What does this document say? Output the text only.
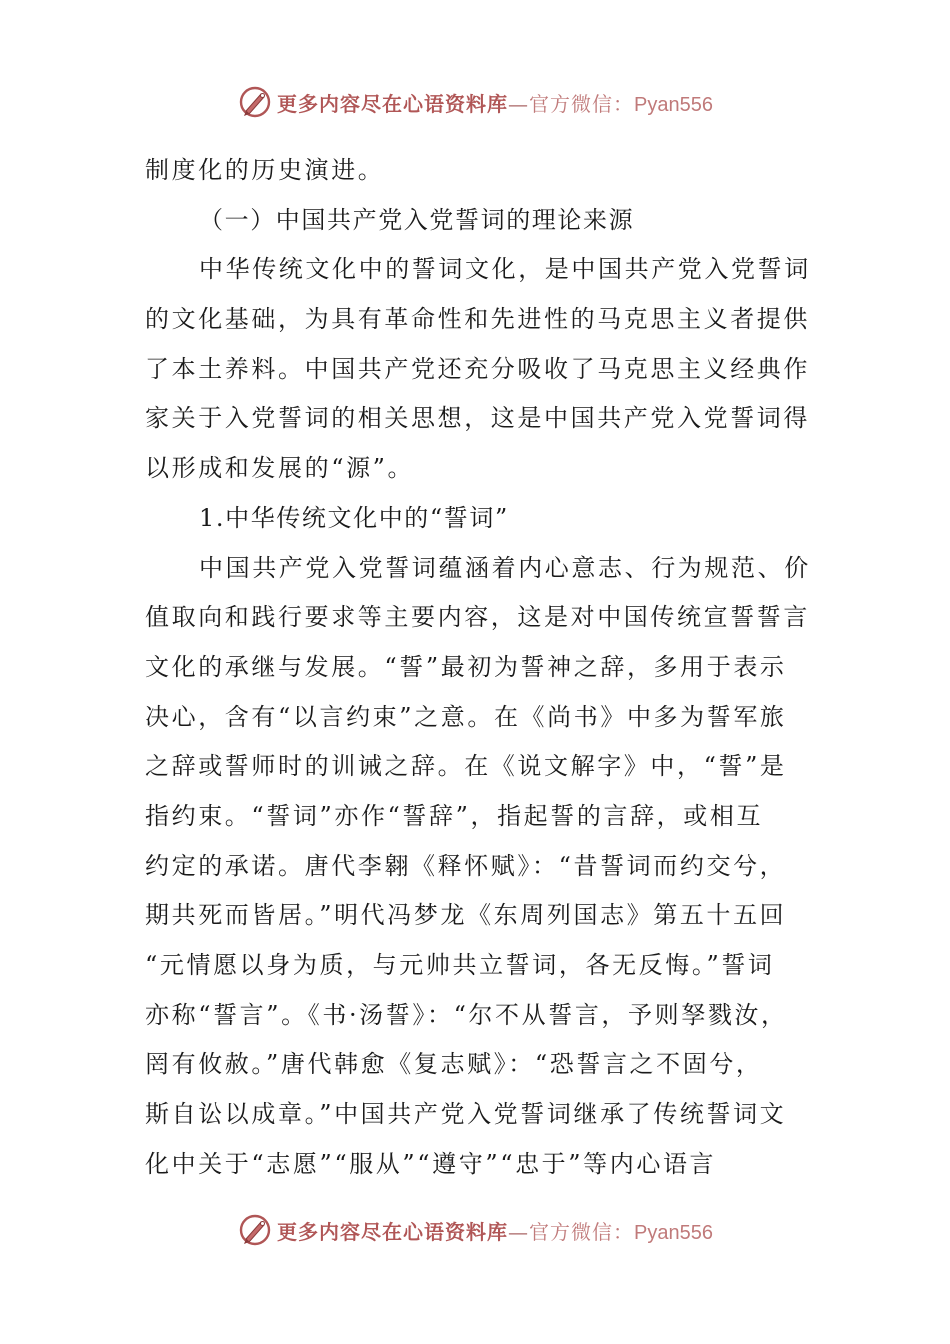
更多内容尽在心语资料库—官方微信：Pyan556
制度化的历史演进。
（一）中国共产党入党誓词的理论来源
中华传统文化中的誓词文化，是中国共产党入党誓词
的文化基础，为具有革命性和先进性的马克思主义者提供
了本土养料。中国共产党还充分吸收了马克思主义经典作
家关于入党誓词的相关思想，这是中国共产党入党誓词得
以形成和发展的“源”。
1.中华传统文化中的“誓词”
中国共产党入党誓词蕴涵着内心意志、行为规范、价
值取向和践行要求等主要内容，这是对中国传统宣誓誓言
文化的承继与发展。“誓”最初为誓神之辞，多用于表示
决心，含有“以言约束”之意。在《尚书》中多为誓军旅
之辞或誓师时的训诫之辞。在《说文解字》中，“誓”是
指约束。“誓词”亦作“誓辞”，指起誓的言辞，或相互
约定的承诺。唐代李翱《释怀赋》：“昔誓词而约交兮，
期共死而皆居。”明代冯梦龙《东周列国志》第五十五回
“元情愿以身为质，与元帅共立誓词，各无反悔。”誓词
亦称“誓言”。《书·汤誓》：“尔不从誓言，予则孥戮汝，
罔有攸赦。”唐代韩愈《复志赋》：“恐誓言之不固兮，
斯自讼以成章。”中国共产党入党誓词继承了传统誓词文
化中关于“志愿”“服从”“遵守”“忠于”等内心语言
更多内容尽在心语资料库—官方微信：Pyan556
